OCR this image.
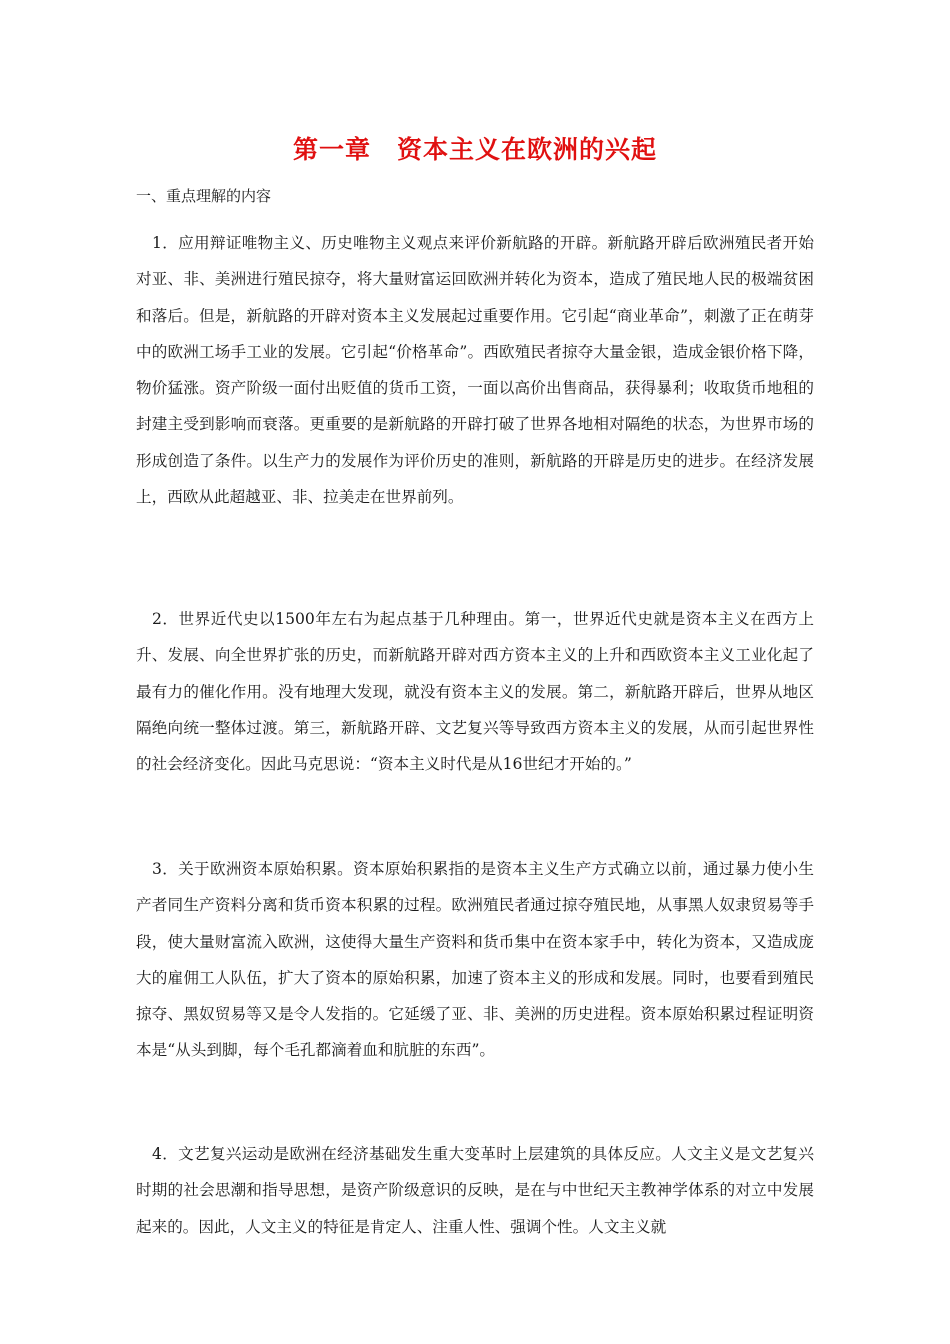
第一章　资本主义在欧洲的兴起

一、重点理解的内容

1．应用辩证唯物主义、历史唯物主义观点来评价新航路的开辟。新航路开辟后欧洲殖民者开始对亚、非、美洲进行殖民掠夺，将大量财富运回欧洲并转化为资本，造成了殖民地人民的极端贫困和落后。但是，新航路的开辟对资本主义发展起过重要作用。它引起“商业革命”，刺激了正在萌芽中的欧洲工场手工业的发展。它引起“价格革命”。西欧殖民者掠夺大量金银，造成金银价格下降，物价猛涨。资产阶级一面付出贬值的货币工资，一面以高价出售商品，获得暴利；收取货币地租的封建主受到影响而衰落。更重要的是新航路的开辟打破了世界各地相对隔绝的状态，为世界市场的形成创造了条件。以生产力的发展作为评价历史的准则，新航路的开辟是历史的进步。在经济发展上，西欧从此超越亚、非、拉美走在世界前列。

2．世界近代史以1500年左右为起点基于几种理由。第一，世界近代史就是资本主义在西方上升、发展、向全世界扩张的历史，而新航路开辟对西方资本主义的上升和西欧资本主义工业化起了最有力的催化作用。没有地理大发现，就没有资本主义的发展。第二，新航路开辟后，世界从地区隔绝向统一整体过渡。第三，新航路开辟、文艺复兴等导致西方资本主义的发展，从而引起世界性的社会经济变化。因此马克思说：“资本主义时代是从16世纪才开始的。”

3．关于欧洲资本原始积累。资本原始积累指的是资本主义生产方式确立以前，通过暴力使小生产者同生产资料分离和货币资本积累的过程。欧洲殖民者通过掠夺殖民地，从事黑人奴隶贸易等手段，使大量财富流入欧洲，这使得大量生产资料和货币集中在资本家手中，转化为资本，又造成庞大的雇佣工人队伍，扩大了资本的原始积累，加速了资本主义的形成和发展。同时，也要看到殖民掠夺、黑奴贸易等又是令人发指的。它延缓了亚、非、美洲的历史进程。资本原始积累过程证明资本是“从头到脚，每个毛孔都滴着血和肮脏的东西”。

4．文艺复兴运动是欧洲在经济基础发生重大变革时上层建筑的具体反应。人文主义是文艺复兴时期的社会思潮和指导思想，是资产阶级意识的反映，是在与中世纪天主教神学体系的对立中发展起来的。因此，人文主义的特征是肯定人、注重人性、强调个性。人文主义就
